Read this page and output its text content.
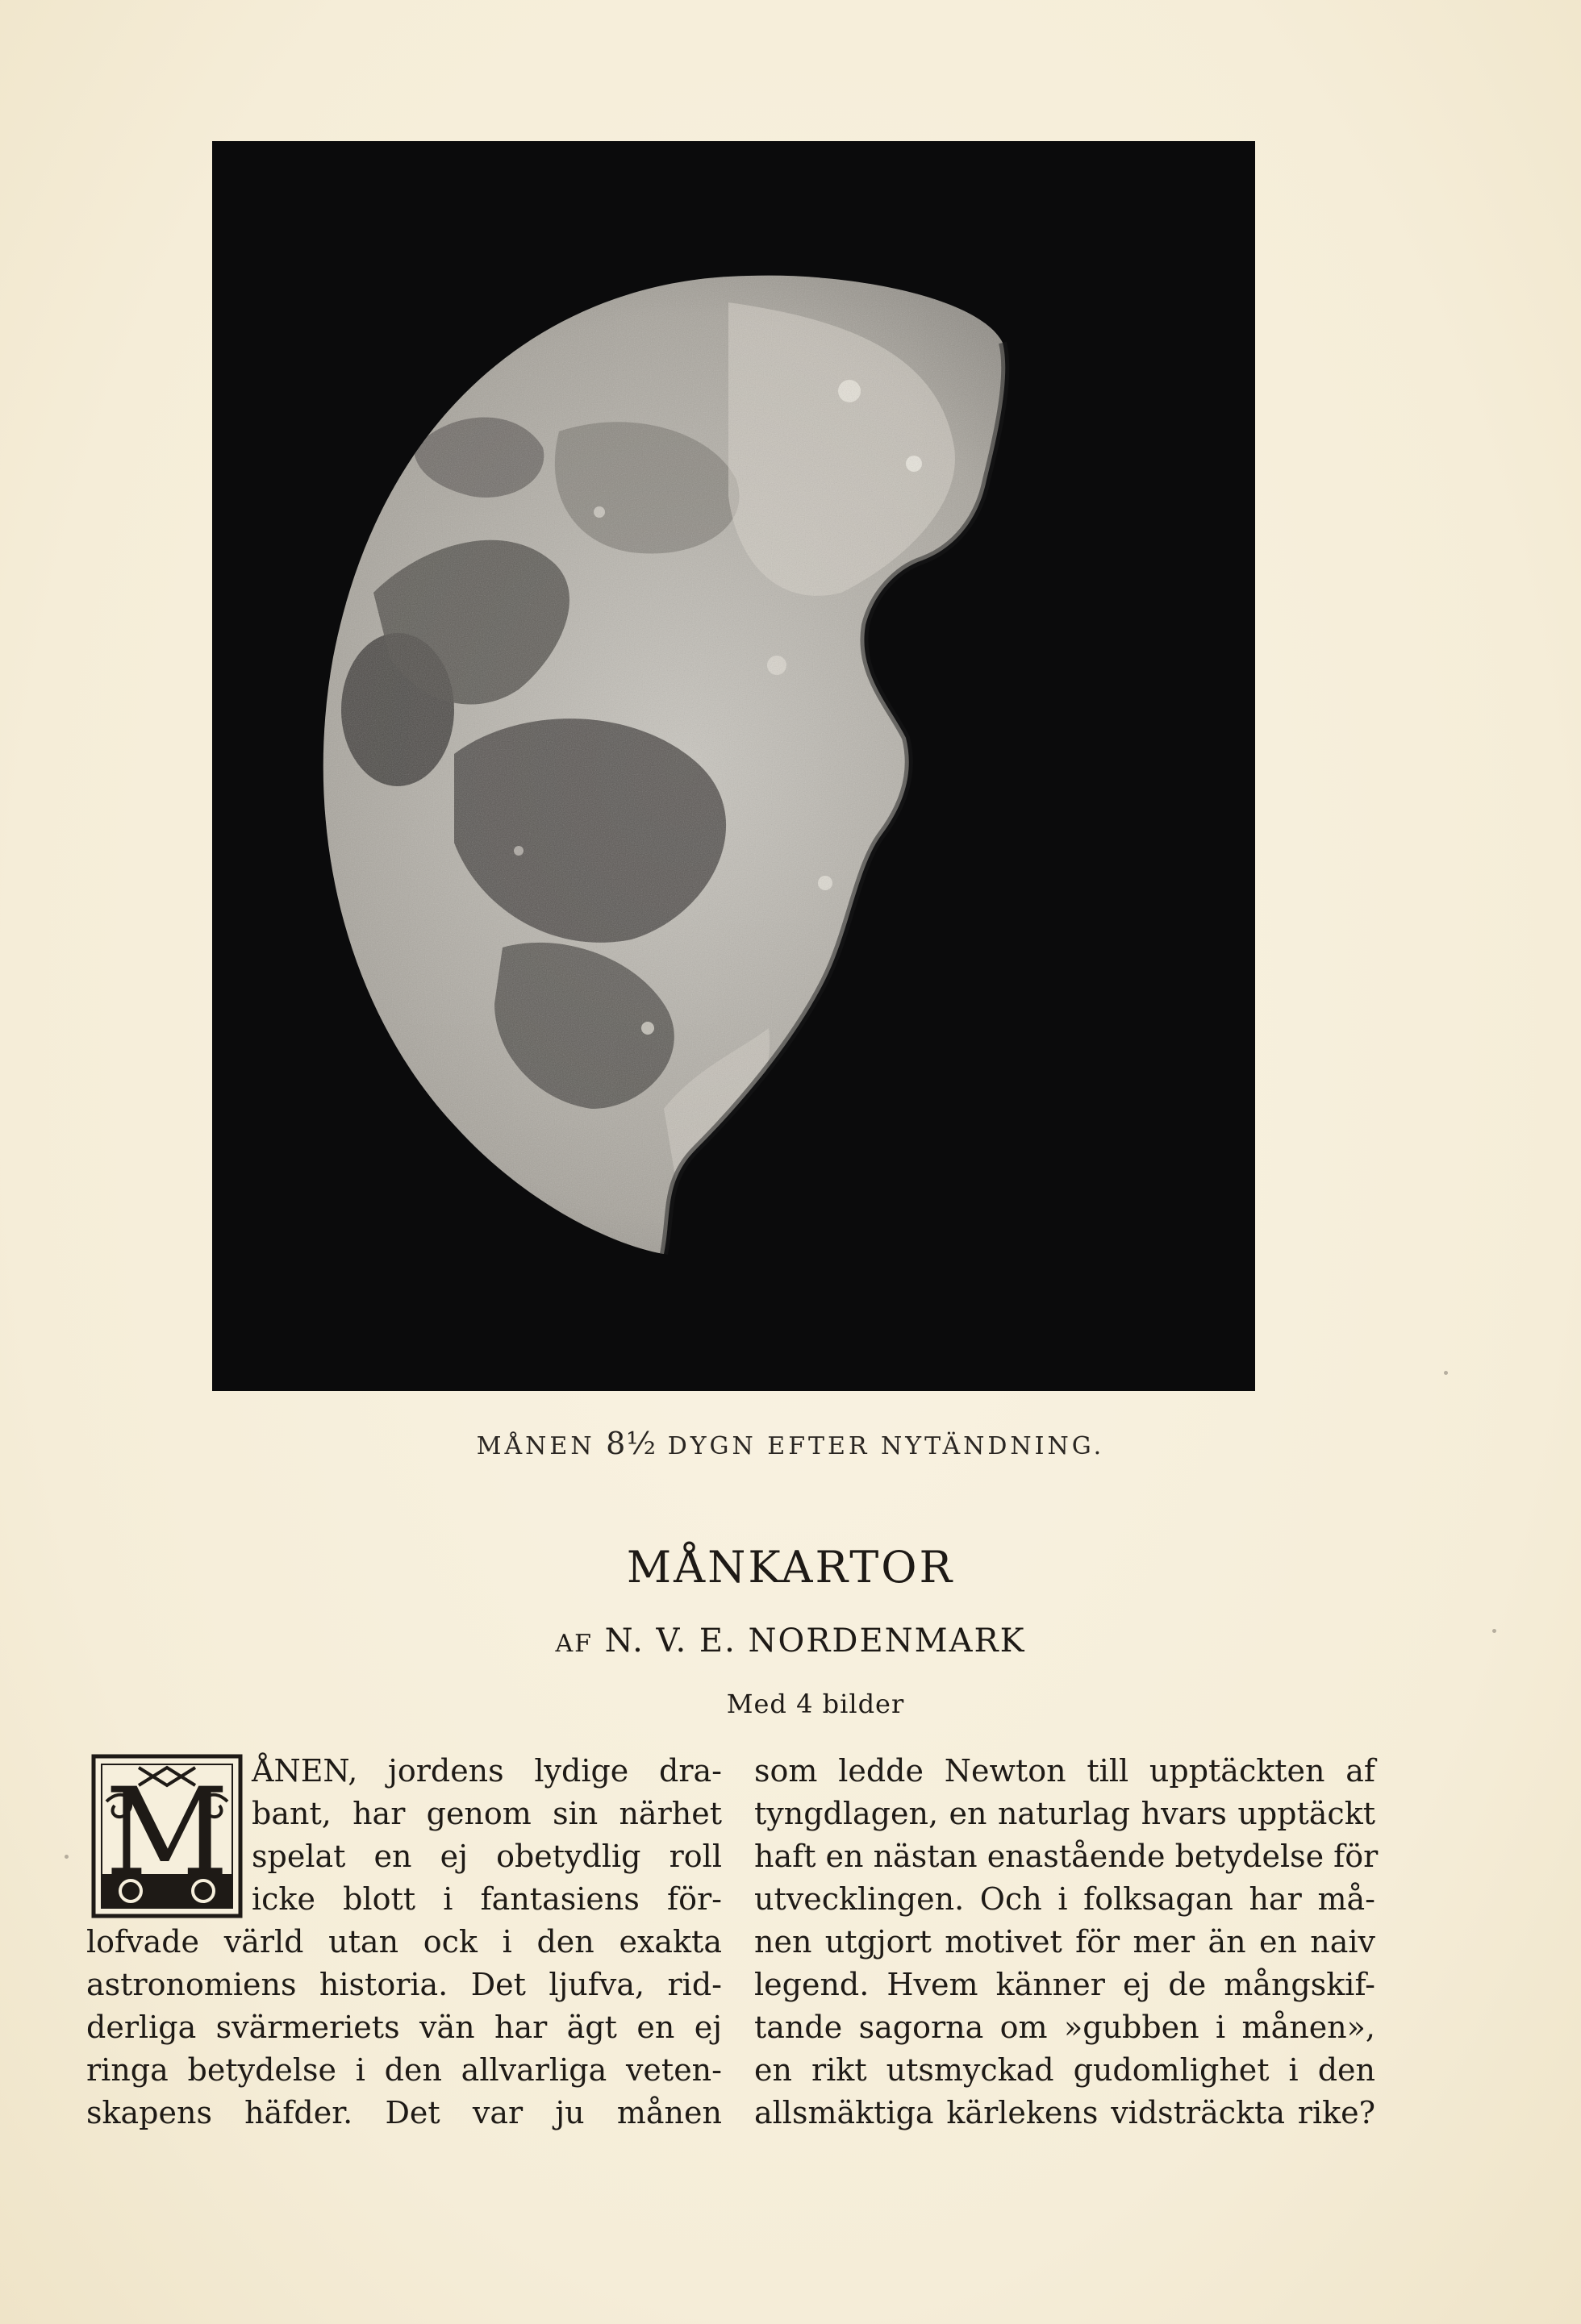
MÅNEN 8½ DYGN EFTER NYTÄNDNING.
MÅNKARTOR
AF N. V. E. NORDENMARK
Med 4 bilder
M ÅNEN, jordens lydige dra-
bant, har genom sin närhet
spelat en ej obetydlig roll
icke blott i fantasiens för-
lofvade värld utan ock i den exakta
astronomiens historia. Det ljufva, rid-
derliga svärmeriets vän har ägt en ej
ringa betydelse i den allvarliga veten-
skapens häfder. Det var ju månen
som ledde Newton till upptäckten af
tyngdlagen, en naturlag hvars upptäckt
haft en nästan enastående betydelse för
utvecklingen. Och i folksagan har må-
nen utgjort motivet för mer än en naiv
legend. Hvem känner ej de mångskif-
tande sagorna om »gubben i månen»,
en rikt utsmyckad gudomlighet i den
allsmäktiga kärlekens vidsträckta rike?
